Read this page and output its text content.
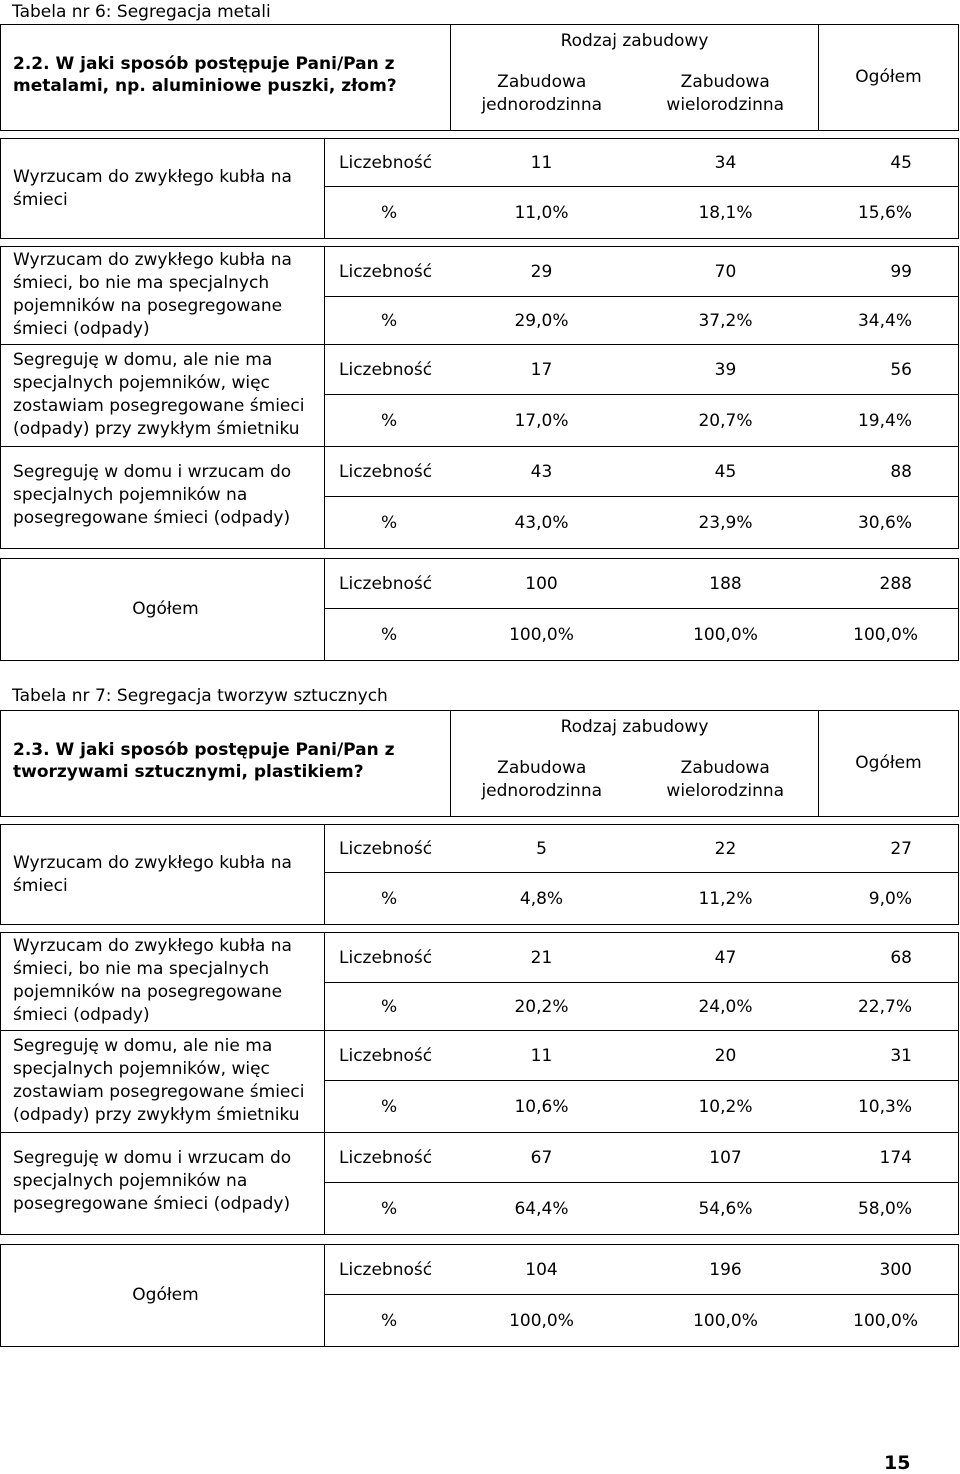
Tabela nr 6: Segregacja metali
2.2. W jaki sposób postępuje Pani/Pan z metalami, np. aluminiowe puszki, złom?		Rodzaj zabudowy		Ogółem
		Zabudowa jednorodzinna	Zabudowa wielorodzinna	

Wyrzucam do zwykłego kubła na śmieci	Liczebność	11	34	45
	%	11,0%	18,1%	15,6%

Wyrzucam do zwykłego kubła na śmieci, bo nie ma specjalnych pojemników na posegregowane śmieci (odpady)	Liczebność	29	70	99
	%	29,0%	37,2%	34,4%
Segreguję w domu, ale nie ma specjalnych pojemników, więc zostawiam posegregowane śmieci (odpady) przy zwykłym śmietniku	Liczebność	17	39	56
	%	17,0%	20,7%	19,4%
Segreguję w domu i wrzucam do specjalnych pojemników na posegregowane śmieci (odpady)	Liczebność	43	45	88
	%	43,0%	23,9%	30,6%

Ogółem	Liczebność	100	188	288
	%	100,0%	100,0%	100,0%
Tabela nr 7: Segregacja tworzyw sztucznych
2.3. W jaki sposób postępuje Pani/Pan z tworzywami sztucznymi, plastikiem?		Rodzaj zabudowy		Ogółem
		Zabudowa jednorodzinna	Zabudowa wielorodzinna	

Wyrzucam do zwykłego kubła na śmieci	Liczebność	5	22	27
	%	4,8%	11,2%	9,0%

Wyrzucam do zwykłego kubła na śmieci, bo nie ma specjalnych pojemników na posegregowane śmieci (odpady)	Liczebność	21	47	68
	%	20,2%	24,0%	22,7%
Segreguję w domu, ale nie ma specjalnych pojemników, więc zostawiam posegregowane śmieci (odpady) przy zwykłym śmietniku	Liczebność	11	20	31
	%	10,6%	10,2%	10,3%
Segreguję w domu i wrzucam do specjalnych pojemników na posegregowane śmieci (odpady)	Liczebność	67	107	174
	%	64,4%	54,6%	58,0%

Ogółem	Liczebność	104	196	300
	%	100,0%	100,0%	100,0%
15
